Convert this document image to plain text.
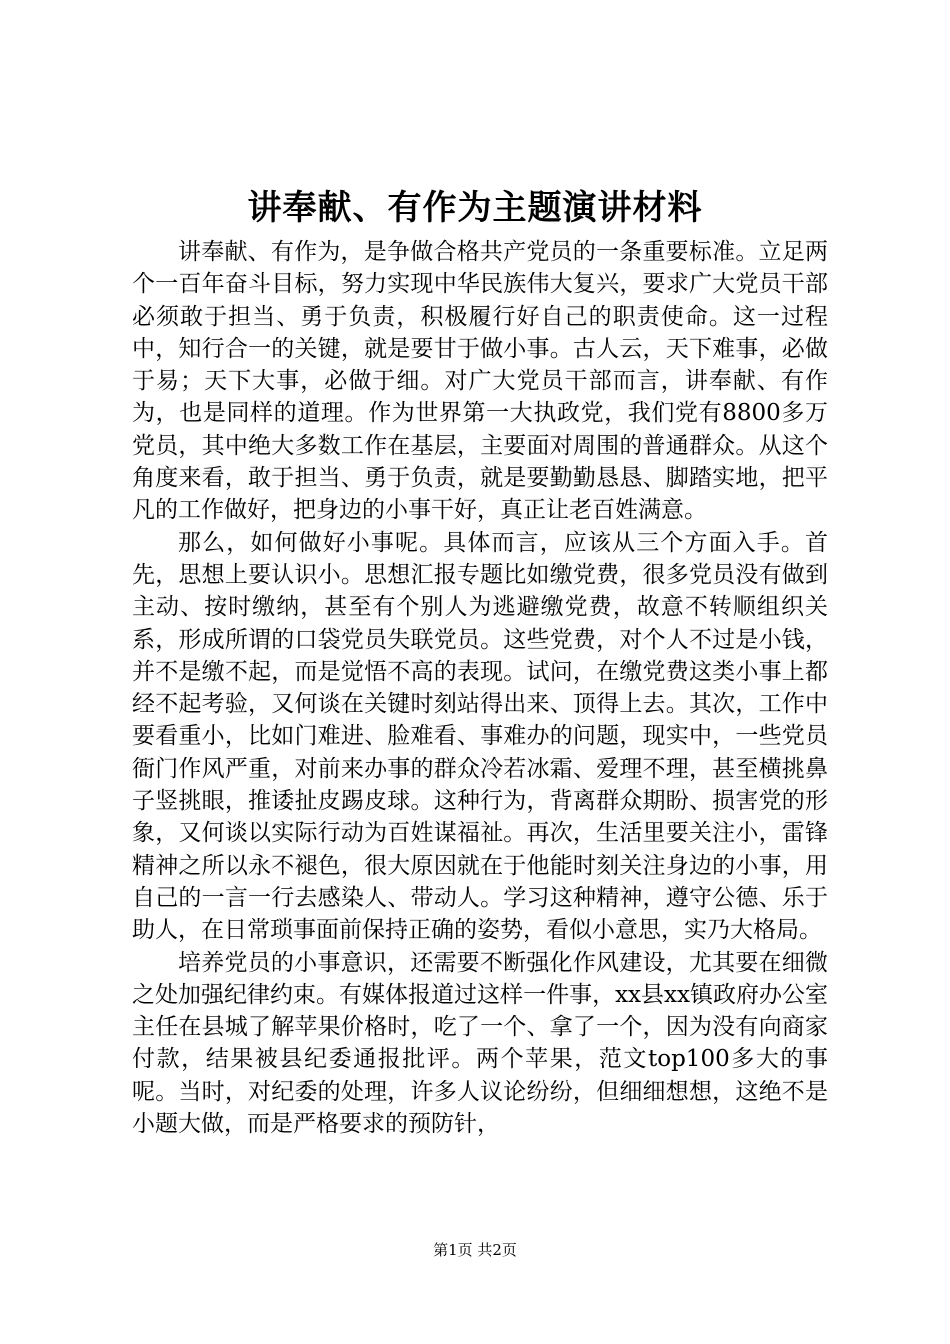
讲奉献、有作为主题演讲材料

讲奉献、有作为，是争做合格共产党员的一条重要标准。立足两个一百年奋斗目标，努力实现中华民族伟大复兴，要求广大党员干部必须敢于担当、勇于负责，积极履行好自己的职责使命。这一过程中，知行合一的关键，就是要甘于做小事。古人云，天下难事，必做于易；天下大事，必做于细。对广大党员干部而言，讲奉献、有作为，也是同样的道理。作为世界第一大执政党，我们党有8800多万党员，其中绝大多数工作在基层，主要面对周围的普通群众。从这个角度来看，敢于担当、勇于负责，就是要勤勤恳恳、脚踏实地，把平凡的工作做好，把身边的小事干好，真正让老百姓满意。

那么，如何做好小事呢。具体而言，应该从三个方面入手。首先，思想上要认识小。思想汇报专题比如缴党费，很多党员没有做到主动、按时缴纳，甚至有个别人为逃避缴党费，故意不转顺组织关系，形成所谓的口袋党员失联党员。这些党费，对个人不过是小钱，并不是缴不起，而是觉悟不高的表现。试问，在缴党费这类小事上都经不起考验，又何谈在关键时刻站得出来、顶得上去。其次，工作中要看重小，比如门难进、脸难看、事难办的问题，现实中，一些党员衙门作风严重，对前来办事的群众冷若冰霜、爱理不理，甚至横挑鼻子竖挑眼，推诿扯皮踢皮球。这种行为，背离群众期盼、损害党的形象，又何谈以实际行动为百姓谋福祉。再次，生活里要关注小，雷锋精神之所以永不褪色，很大原因就在于他能时刻关注身边的小事，用自己的一言一行去感染人、带动人。学习这种精神，遵守公德、乐于助人，在日常琐事面前保持正确的姿势，看似小意思，实乃大格局。

培养党员的小事意识，还需要不断强化作风建设，尤其要在细微之处加强纪律约束。有媒体报道过这样一件事，xx县xx镇政府办公室主任在县城了解苹果价格时，吃了一个、拿了一个，因为没有向商家付款，结果被县纪委通报批评。两个苹果，范文top100多大的事呢。当时，对纪委的处理，许多人议论纷纷，但细细想想，这绝不是小题大做，而是严格要求的预防针，

第1页 共2页
